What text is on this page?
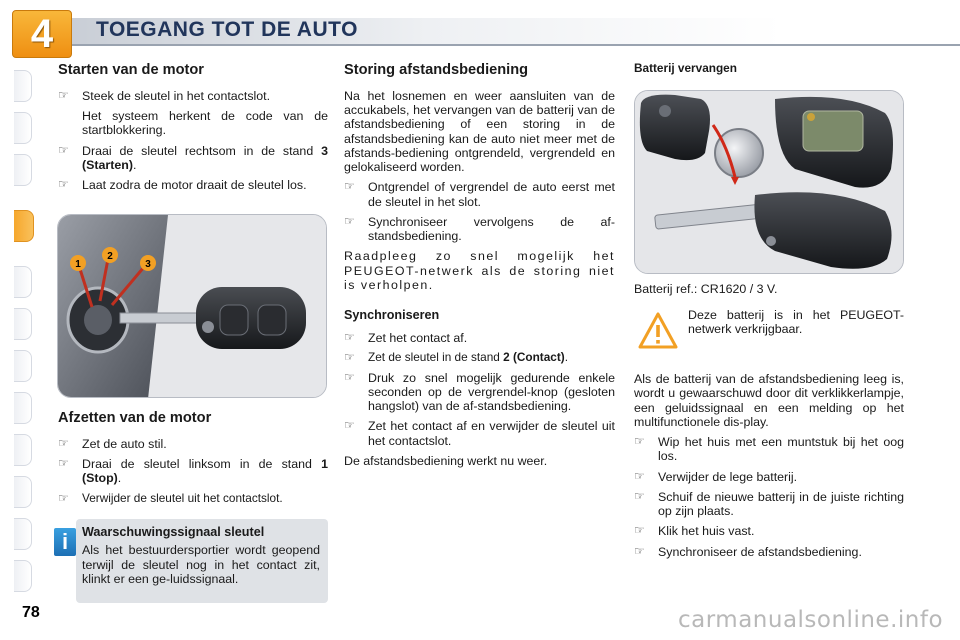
4	TOEGANG TOT DE AUTO
Starten van de motor
☞ Steek de sleutel in het contactslot.
Het systeem herkent de code van de startblokkering.
☞ Draai de sleutel rechtsom in de stand 3 (Starten).
☞ Laat zodra de motor draait de sleutel los.
1
2
3
Afzetten van de motor
☞ Zet de auto stil.
☞ Draai de sleutel linksom in de stand 1 (Stop).
☞ Verwijder de sleutel uit het contactslot.
i	Waarschuwingssignaal sleutel
Als het bestuurdersportier wordt geopend terwijl de sleutel nog in het contact zit, klinkt er een ge-luidssignaal.
Storing afstandsbediening
Na het losnemen en weer aansluiten van de accukabels, het vervangen van de batterij van de afstandsbediening of een storing in de afstandsbediening kan de auto niet meer met de afstands-bediening ontgrendeld, vergrendeld en gelokaliseerd worden.
☞ Ontgrendel of vergrendel de auto eerst met de sleutel in het slot.
☞ Synchroniseer vervolgens de af-standsbediening.
Raadpleeg zo snel mogelijk het PEUGEOT-netwerk als de storing niet is verholpen.
Synchroniseren
☞ Zet het contact af.
☞ Zet de sleutel in de stand 2 (Contact).
☞ Druk zo snel mogelijk gedurende enkele seconden op de vergrendel-knop (gesloten hangslot) van de af-standsbediening.
☞ Zet het contact af en verwijder de sleutel uit het contactslot.
De afstandsbediening werkt nu weer.
Batterij vervangen
Batterij ref.: CR1620 / 3 V.
Deze batterij is in het PEUGEOT-netwerk verkrijgbaar.
Als de batterij van de afstandsbediening leeg is, wordt u gewaarschuwd door dit verklikkerlampje, een geluidssignaal en een melding op het multifunctionele dis-play.
☞ Wip het huis met een muntstuk bij het oog los.
☞ Verwijder de lege batterij.
☞ Schuif de nieuwe batterij in de juiste richting op zijn plaats.
☞ Klik het huis vast.
☞ Synchroniseer de afstandsbediening.
78	carmanualsonline.info
